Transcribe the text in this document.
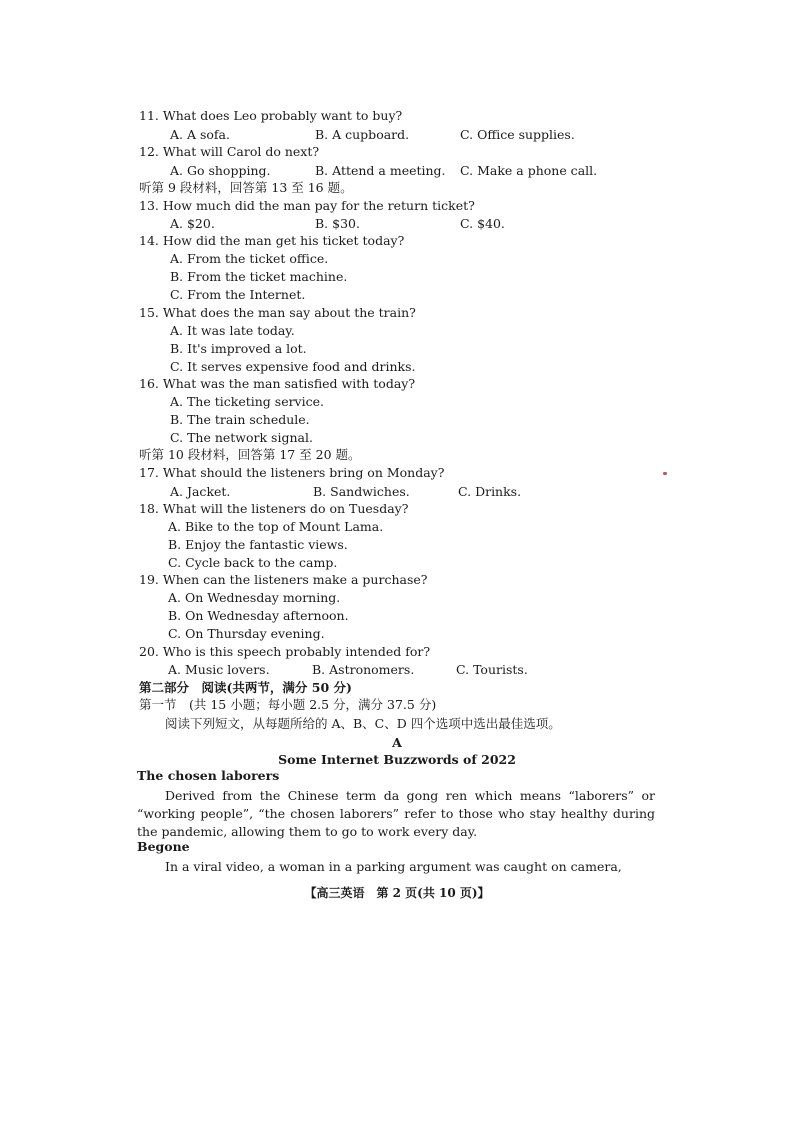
11. What does Leo probably want to buy?
A. A sofa.	B. A cupboard.	C. Office supplies.
12. What will Carol do next?
A. Go shopping.	B. Attend a meeting. C. Make a phone call.
听第 9 段材料，回答第 13 至 16 题。
13. How much did the man pay for the return ticket?
A. $20.	B. $30.	C. $40.
14. How did the man get his ticket today?
A. From the ticket office.
B. From the ticket machine.
C. From the Internet.
15. What does the man say about the train?
A. It was late today.
B. It's improved a lot.
C. It serves expensive food and drinks.
16. What was the man satisfied with today?
A. The ticketing service.
B. The train schedule.
C. The network signal.
听第 10 段材料，回答第 17 至 20 题。
17. What should the listeners bring on Monday?
A. Jacket.	B. Sandwiches.	C. Drinks.
18. What will the listeners do on Tuesday?
A. Bike to the top of Mount Lama.
B. Enjoy the fantastic views.
C. Cycle back to the camp.
19. When can the listeners make a purchase?
A. On Wednesday morning.
B. On Wednesday afternoon.
C. On Thursday evening.
20. Who is this speech probably intended for?
A. Music lovers.	B. Astronomers.	C. Tourists.
第二部分　阅读(共两节，满分 50 分)
第一节　(共 15 小题；每小题 2.5 分，满分 37.5 分)
阅读下列短文，从每题所给的 A、B、C、D 四个选项中选出最佳选项。
A
Some Internet Buzzwords of 2022
The chosen laborers
Derived from the Chinese term da gong ren which means “laborers” or “working people”, “the chosen laborers” refer to those who stay healthy during the pandemic, allowing them to go to work every day.
Begone
In a viral video, a woman in a parking argument was caught on camera,
【高三英语　第 2 页(共 10 页)】
